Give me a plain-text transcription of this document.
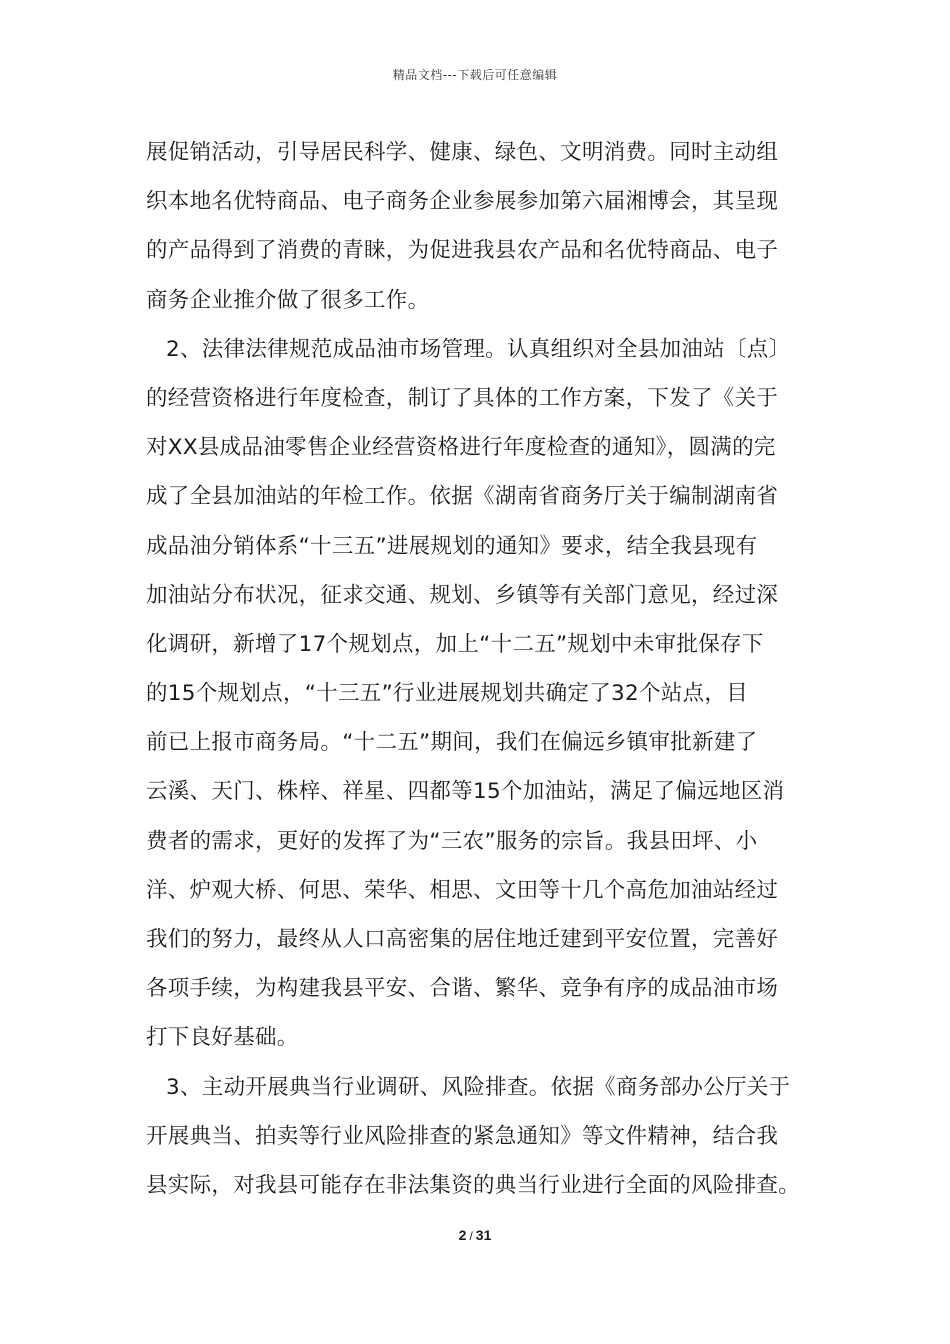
精品文档---下载后可任意编辑
展促销活动，引导居民科学、健康、绿色、文明消费。同时主动组
织本地名优特商品、电子商务企业参展参加第六届湘博会，其呈现
的产品得到了消费的青睐，为促进我县农产品和名优特商品、电子
商务企业推介做了很多工作。
2、法律法律规范成品油市场管理。认真组织对全县加油站〔点〕
的经营资格进行年度检查，制订了具体的工作方案，下发了《关于
对XX县成品油零售企业经营资格进行年度检查的通知》，圆满的完
成了全县加油站的年检工作。依据《湖南省商务厅关于编制湖南省
成品油分销体系“十三五”进展规划的通知》要求，结全我县现有
加油站分布状况，征求交通、规划、乡镇等有关部门意见，经过深
化调研，新增了17个规划点，加上“十二五”规划中未审批保存下
的15个规划点，“十三五”行业进展规划共确定了32个站点，目
前已上报市商务局。“十二五”期间，我们在偏远乡镇审批新建了
云溪、天门、株梓、祥星、四都等15个加油站，满足了偏远地区消
费者的需求，更好的发挥了为“三农”服务的宗旨。我县田坪、小
洋、炉观大桥、何思、荣华、相思、文田等十几个高危加油站经过
我们的努力，最终从人口高密集的居住地迁建到平安位置，完善好
各项手续，为构建我县平安、合谐、繁华、竞争有序的成品油市场
打下良好基础。
3、主动开展典当行业调研、风险排查。依据《商务部办公厅关于
开展典当、拍卖等行业风险排查的紧急通知》等文件精神，结合我
县实际，对我县可能存在非法集资的典当行业进行全面的风险排查。
2 / 31
